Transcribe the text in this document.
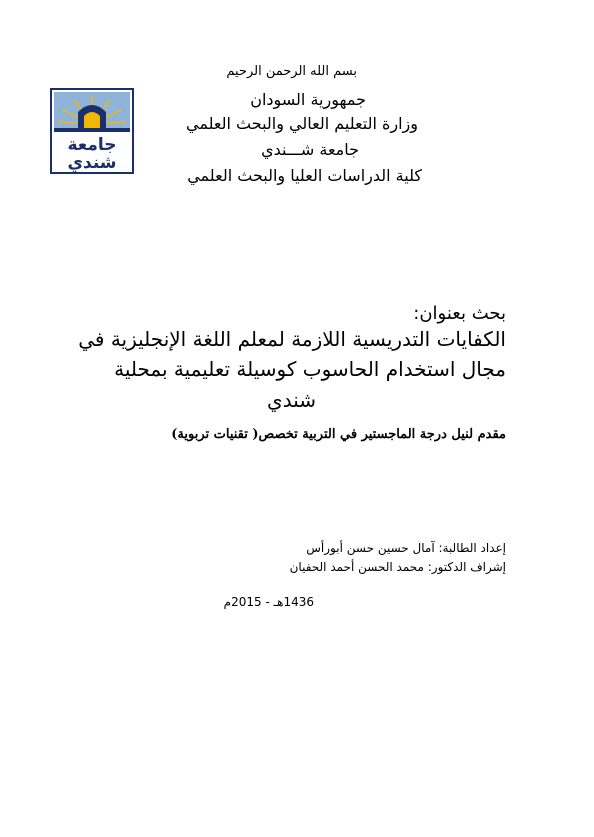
جامعة
شندي
بسم الله الرحمن الرحيم
جمهورية السودان
وزارة التعليم العالي والبحث العلمي
جامعة شـــندي
كلية الدراسات العليا والبحث العلمي
بحث بعنوان:
الكفايات التدريسية اللازمة لمعلم اللغة الإنجليزية في
مجال استخدام الحاسوب كوسيلة تعليمية بمحلية
شندي
مقدم لنيل درجة الماجستير في التربية تخصص( تقنيات تربوية)
إعداد الطالبة: آمال حسين حسن أبورأس
إشراف الدكتور: محمد الحسن أحمد الحفيان
1436هـ - 2015م
